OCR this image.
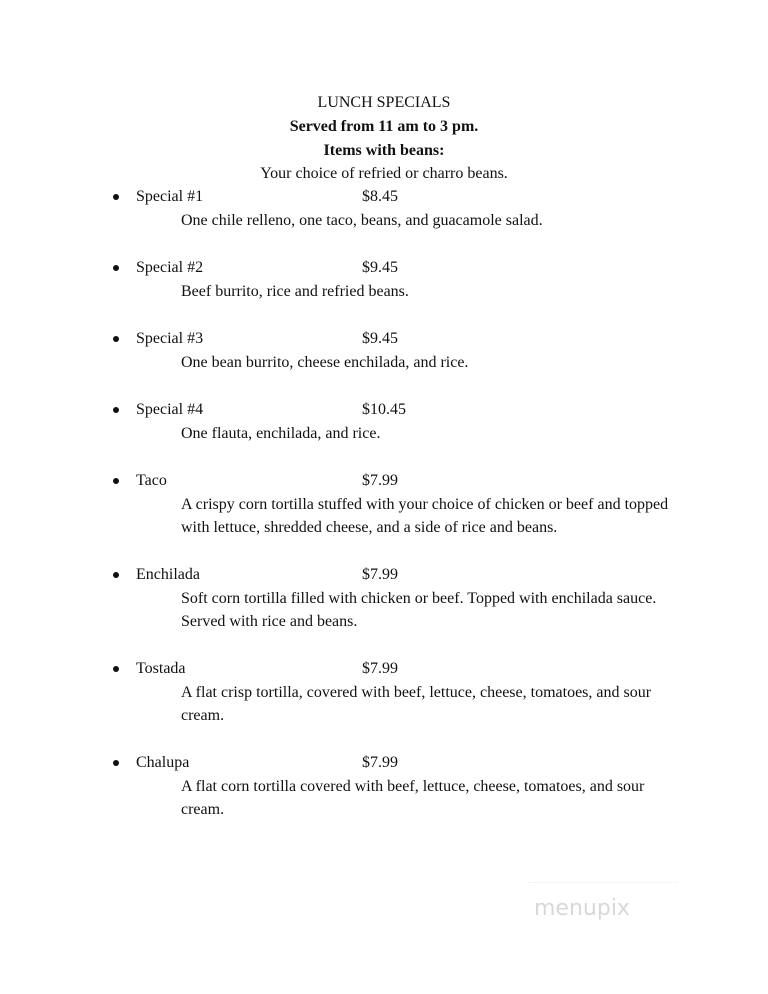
LUNCH SPECIALS
Served from 11 am to 3 pm.
Items with beans:
Your choice of refried or charro beans.
Special #1	$8.45
One chile relleno, one taco, beans, and guacamole salad.
Special #2	$9.45
Beef burrito, rice and refried beans.
Special #3	$9.45
One bean burrito, cheese enchilada, and rice.
Special #4	$10.45
One flauta, enchilada, and rice.
Taco	$7.99
A crispy corn tortilla stuffed with your choice of chicken or beef and topped with lettuce, shredded cheese, and a side of rice and beans.
Enchilada	$7.99
Soft corn tortilla filled with chicken or beef. Topped with enchilada sauce. Served with rice and beans.
Tostada	$7.99
A flat crisp tortilla, covered with beef, lettuce, cheese, tomatoes, and sour cream.
Chalupa	$7.99
A flat corn tortilla covered with beef, lettuce, cheese, tomatoes, and sour cream.
menupix
